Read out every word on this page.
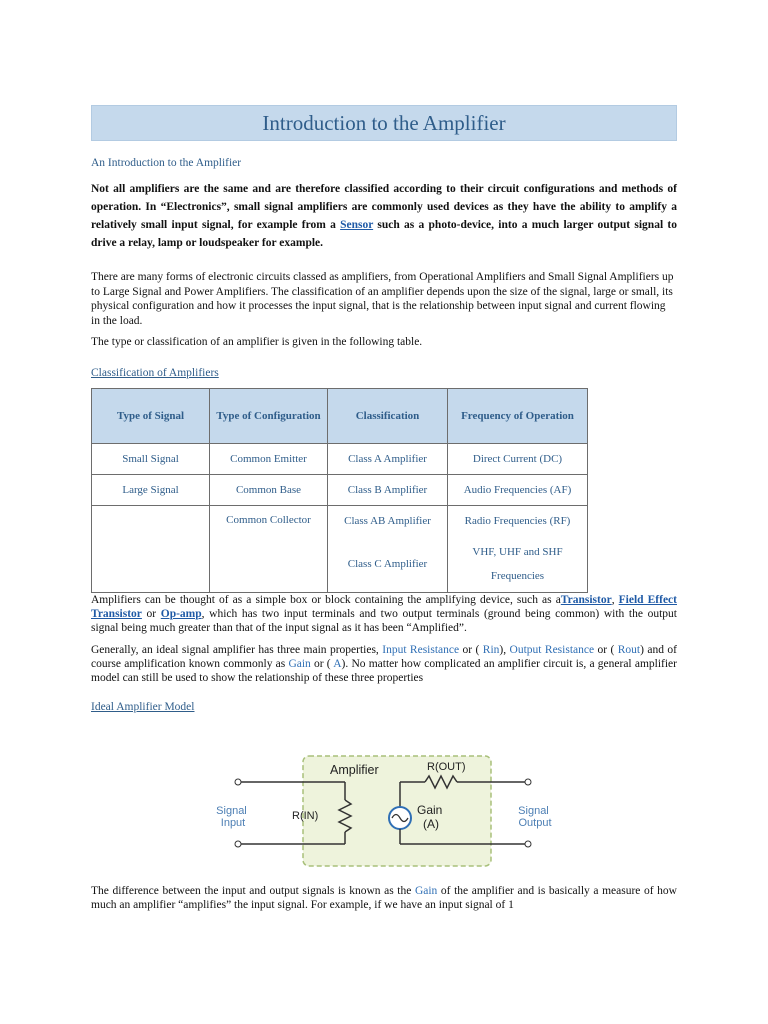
Introduction to the Amplifier
An Introduction to the Amplifier
Not all amplifiers are the same and are therefore classified according to their circuit configurations and methods of operation. In “Electronics”, small signal amplifiers are commonly used devices as they have the ability to amplify a relatively small input signal, for example from a Sensor such as a photo-device, into a much larger output signal to drive a relay, lamp or loudspeaker for example.
There are many forms of electronic circuits classed as amplifiers, from Operational Amplifiers and Small Signal Amplifiers up to Large Signal and Power Amplifiers. The classification of an amplifier depends upon the size of the signal, large or small, its physical configuration and how it processes the input signal, that is the relationship between input signal and current flowing in the load.
The type or classification of an amplifier is given in the following table.
Classification of Amplifiers
Type of Signal	Type of Configuration	Classification	Frequency of Operation
Small Signal	Common Emitter	Class A Amplifier	Direct Current (DC)
Large Signal	Common Base	Class B Amplifier	Audio Frequencies (AF)
	Common Collector	Class AB Amplifier	Radio Frequencies (RF)
		Class C Amplifier	VHF, UHF and SHF Frequencies
Amplifiers can be thought of as a simple box or block containing the amplifying device, such as aTransistor, Field Effect Transistor or Op-amp, which has two input terminals and two output terminals (ground being common) with the output signal being much greater than that of the input signal as it has been “Amplified”.
Generally, an ideal signal amplifier has three main properties, Input Resistance or ( Rin), Output Resistance or ( Rout) and of course amplification known commonly as Gain or ( A). No matter how complicated an amplifier circuit is, a general amplifier model can still be used to show the relationship of these three properties
Ideal Amplifier Model
Amplifier
R(IN)
R(OUT)
Gain
(A)
Signal Input
Signal Output
The difference between the input and output signals is known as the Gain of the amplifier and is basically a measure of how much an amplifier “amplifies” the input signal. For example, if we have an input signal of 1
